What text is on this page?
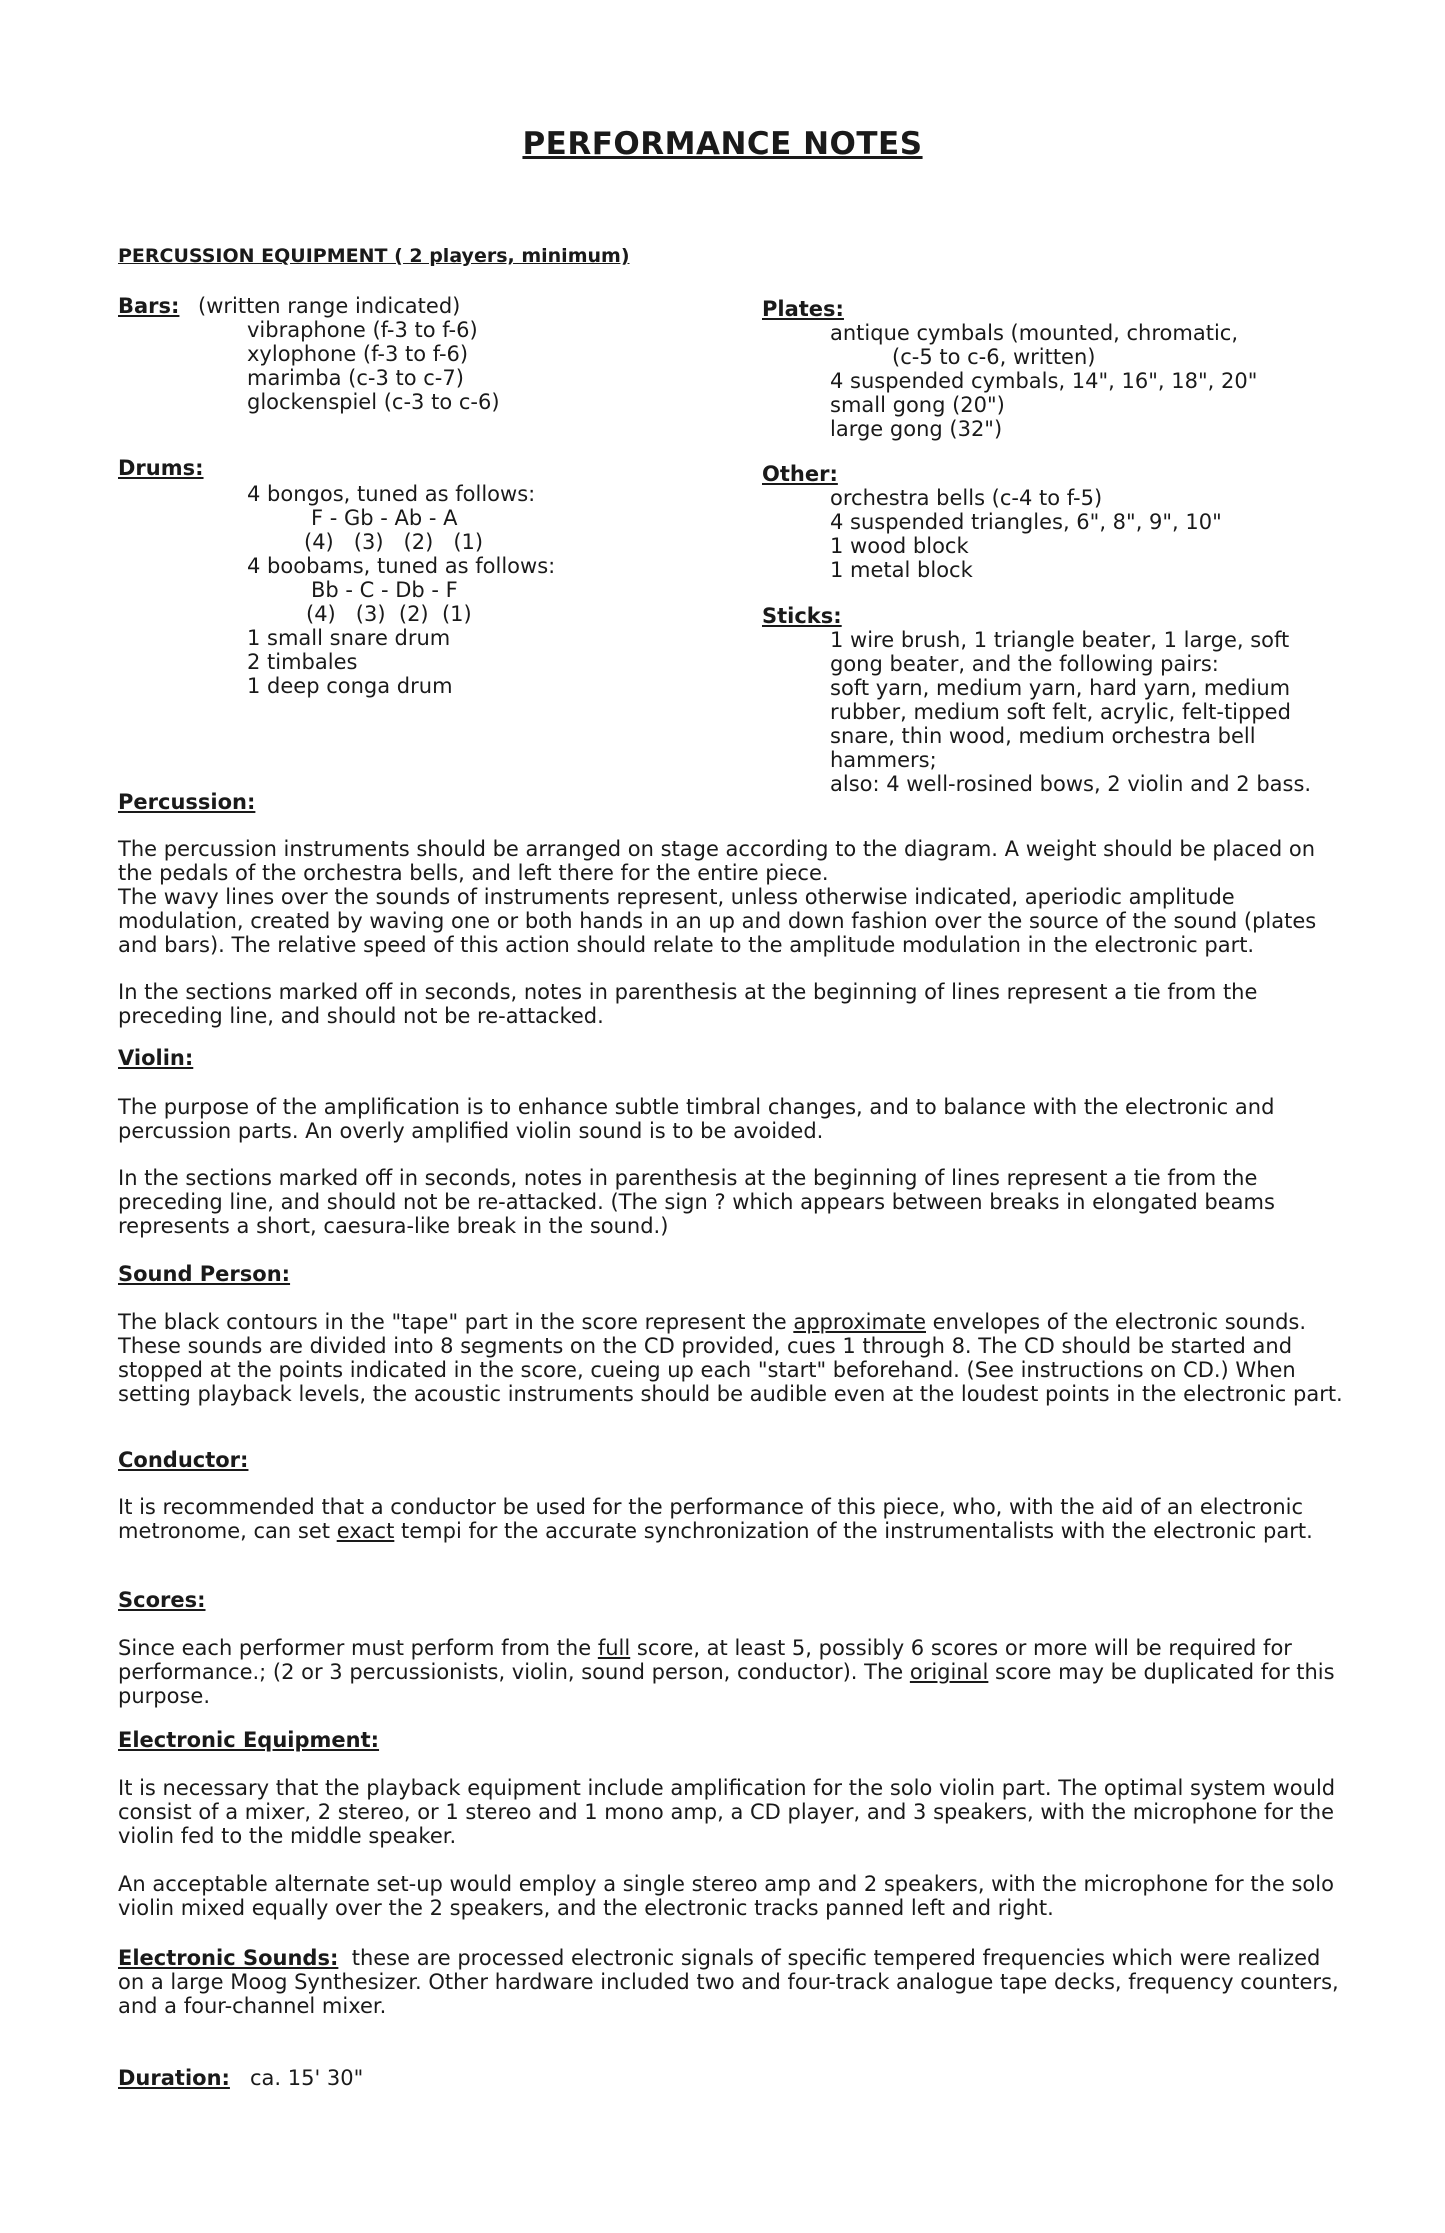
PERFORMANCE NOTES
PERCUSSION EQUIPMENT ( 2 players, minimum)
Bars: (written range indicated)
vibraphone (f-3 to f-6)
xylophone (f-3 to f-6)
marimba (c-3 to c-7)
glockenspiel (c-3 to c-6)
Plates:
antique cymbals (mounted, chromatic,
(c-5 to c-6, written)
4 suspended cymbals, 14", 16", 18", 20"
small gong (20")
large gong (32")
Drums:
4 bongos, tuned as follows:
F - Gb - Ab - A
(4)   (3)   (2)   (1)
4 boobams, tuned as follows:
Bb - C - Db - F
(4)   (3)  (2)  (1)
1 small snare drum
2 timbales
1 deep conga drum
Other:
orchestra bells (c-4 to f-5)
4 suspended triangles, 6", 8", 9", 10"
1 wood block
1 metal block
Sticks:
1 wire brush, 1 triangle beater, 1 large, soft
gong beater, and the following pairs:
soft yarn, medium yarn, hard yarn, medium
rubber, medium soft felt, acrylic, felt-tipped
snare, thin wood, medium orchestra bell
hammers;
also: 4 well-rosined bows, 2 violin and 2 bass.
Percussion:

The percussion instruments should be arranged on stage according to the diagram. A weight should be placed on the pedals of the orchestra bells, and left there for the entire piece.

The wavy lines over the sounds of instruments represent, unless otherwise indicated, aperiodic amplitude modulation, created by waving one or both hands in an up and down fashion over the source of the sound (plates and bars). The relative speed of this action should relate to the amplitude modulation in the electronic part.

In the sections marked off in seconds, notes in parenthesis at the beginning of lines represent a tie from the preceding line, and should not be re-attacked.

Violin:

The purpose of the amplification is to enhance subtle timbral changes, and to balance with the electronic and percussion parts. An overly amplified violin sound is to be avoided.

In the sections marked off in seconds, notes in parenthesis at the beginning of lines represent a tie from the preceding line, and should not be re-attacked. (The sign ? which appears between breaks in elongated beams represents a short, caesura-like break in the sound.)

Sound Person:

The black contours in the "tape" part in the score represent the approximate envelopes of the electronic sounds. These sounds are divided into 8 segments on the CD provided, cues 1 through 8. The CD should be started and stopped at the points indicated in the score, cueing up each "start" beforehand. (See instructions on CD.) When setting playback levels, the acoustic instruments should be audible even at the loudest points in the electronic part.

Conductor:

It is recommended that a conductor be used for the performance of this piece, who, with the aid of an electronic metronome, can set exact tempi for the accurate synchronization of the instrumentalists with the electronic part.

Scores:

Since each performer must perform from the full score, at least 5, possibly 6 scores or more will be required for performance.; (2 or 3 percussionists, violin, sound person, conductor). The original score may be duplicated for this purpose.

Electronic Equipment:

It is necessary that the playback equipment include amplification for the solo violin part. The optimal system would consist of a mixer, 2 stereo, or 1 stereo and 1 mono amp, a CD player, and 3 speakers, with the microphone for the violin fed to the middle speaker.

An acceptable alternate set-up would employ a single stereo amp and 2 speakers, with the microphone for the solo violin mixed equally over the 2 speakers, and the electronic tracks panned left and right.

Electronic Sounds: these are processed electronic signals of specific tempered frequencies which were realized on a large Moog Synthesizer. Other hardware included two and four-track analogue tape decks, frequency counters, and a four-channel mixer.

Duration: ca. 15' 30"
